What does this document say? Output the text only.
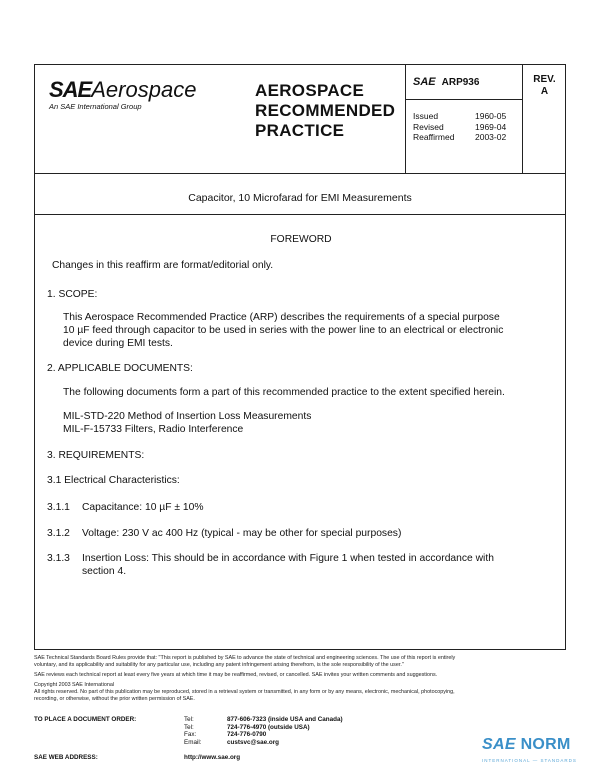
SAEAerospace
An SAE International Group
AEROSPACE
RECOMMENDED
PRACTICE
SAE ARP936
Issued	1960-05
Revised	1969-04
Reaffirmed	2003-02
REV.
A
Capacitor, 10 Microfarad for EMI Measurements
FOREWORD
Changes in this reaffirm are format/editorial only.
1. SCOPE:
This Aerospace Recommended Practice (ARP) describes the requirements of a special purpose
10 µF feed through capacitor to be used in series with the power line to an electrical or electronic
device during EMI tests.
2. APPLICABLE DOCUMENTS:
The following documents form a part of this recommended practice to the extent specified herein.
MIL-STD-220 Method of Insertion Loss Measurements
MIL-F-15733 Filters, Radio Interference
3. REQUIREMENTS:
3.1 Electrical Characteristics:
3.1.1 Capacitance: 10 µF ± 10%
3.1.2 Voltage: 230 V ac 400 Hz (typical - may be other for special purposes)
3.1.3 Insertion Loss: This should be in accordance with Figure 1 when tested in accordance with
section 4.

SAE Technical Standards Board Rules provide that: "This report is published by SAE to advance the state of technical and engineering sciences. The use of this report is entirely

voluntary, and its applicability and suitability for any particular use, including any patent infringement arising therefrom, is the sole responsibility of the user."

SAE reviews each technical report at least every five years at which time it may be reaffirmed, revised, or cancelled. SAE invites your written comments and suggestions.

Copyright 2003 SAE International

All rights reserved. No part of this publication may be reproduced, stored in a retrieval system or transmitted, in any form or by any means, electronic, mechanical, photocopying,

recording, or otherwise, without the prior written permission of SAE.

TO PLACE A DOCUMENT ORDER:	Tel:	877-606-7323 (inside USA and Canada)
Tel:	724-776-4970 (outside USA)
Fax:	724-776-0790
Email:	custsvc@sae.org
SAE WEB ADDRESS:	http://www.sae.org
SAE NORM
INTERNATIONAL — STANDARDS
